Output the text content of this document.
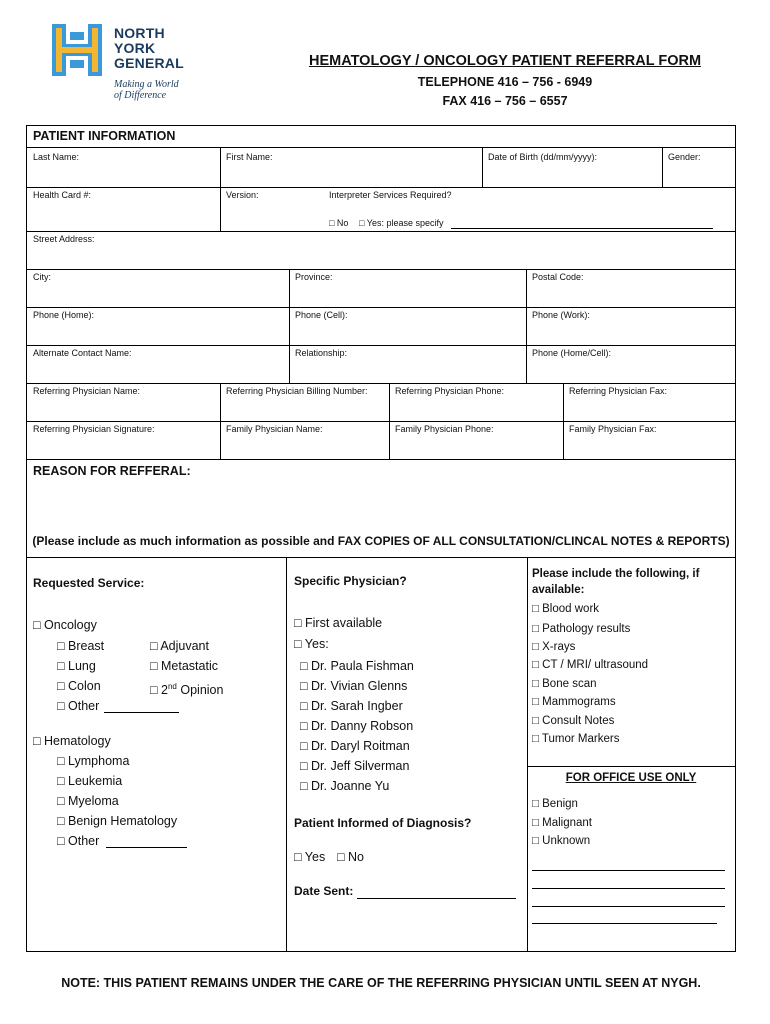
NORTH
YORK
GENERAL
Making a World
of Difference
HEMATOLOGY / ONCOLOGY PATIENT REFERRAL FORM
TELEPHONE 416 – 756 - 6949
FAX 416 – 756 – 6557
PATIENT INFORMATION
Last Name:	First Name:	Date of Birth (dd/mm/yyyy):	Gender:
Health Card #:	Version:	Interpreter Services Required?
□ No □ Yes: please specify
Street Address:
City:	Province:	Postal Code:
Phone (Home):	Phone (Cell):	Phone (Work):
Alternate Contact Name:	Relationship:	Phone (Home/Cell):
Referring Physician Name:	Referring Physician Billing Number:	Referring Physician Phone:	Referring Physician Fax:
Referring Physician Signature:	Family Physician Name:	Family Physician Phone:	Family Physician Fax:
REASON FOR REFFERAL:
(Please include as much information as possible and FAX COPIES OF ALL CONSULTATION/CLINCAL NOTES & REPORTS)
Requested Service:
□ Oncology
□ Breast	□ Adjuvant
□ Lung	□ Metastatic
□ Colon	□ 2nd Opinion
□ Other
□ Hematology
□ Lymphoma
□ Leukemia
□ Myeloma
□ Benign Hematology
□ Other
Specific Physician?
□ First available
□ Yes:
□ Dr. Paula Fishman
□ Dr. Vivian Glenns
□ Dr. Sarah Ingber
□ Dr. Danny Robson
□ Dr. Daryl Roitman
□ Dr. Jeff Silverman
□ Dr. Joanne Yu
Patient Informed of Diagnosis?
□ Yes □ No
Date Sent:
Please include the following, if
available:
□ Blood work
□ Pathology results
□ X-rays
□ CT / MRI/ ultrasound
□ Bone scan
□ Mammograms
□ Consult Notes
□ Tumor Markers
FOR OFFICE USE ONLY
□ Benign
□ Malignant
□ Unknown
NOTE: THIS PATIENT REMAINS UNDER THE CARE OF THE REFERRING PHYSICIAN UNTIL SEEN AT NYGH.
